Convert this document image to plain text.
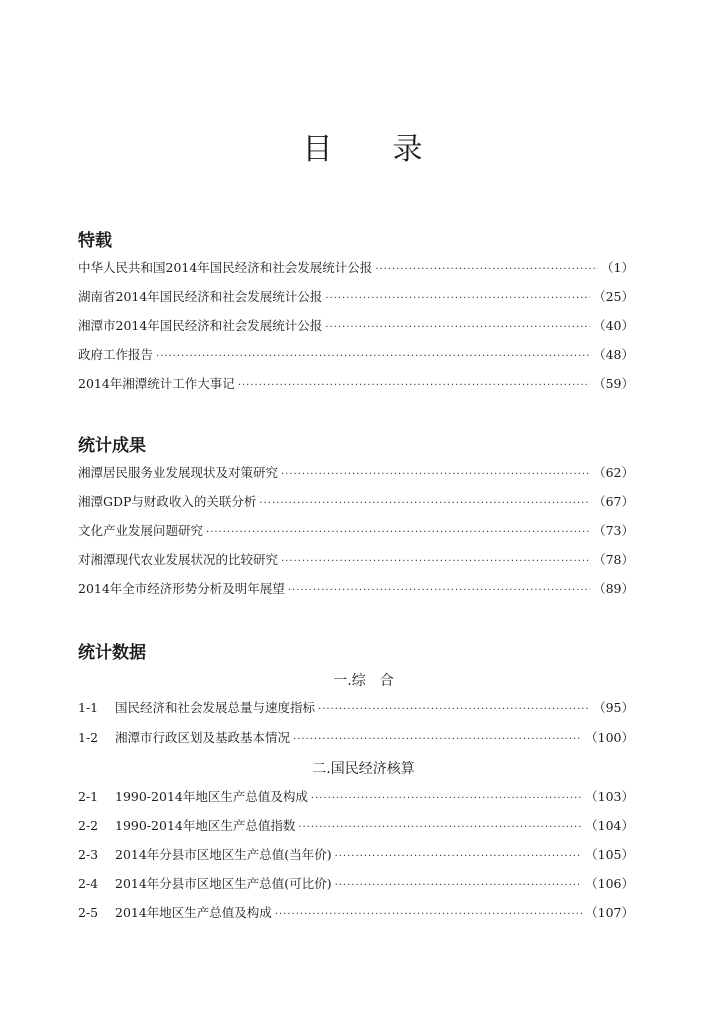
目 录
特载
中华人民共和国2014年国民经济和社会发展统计公报 ·····	（1）
湖南省2014年国民经济和社会发展统计公报 ·····	（25）
湘潭市2014年国民经济和社会发展统计公报 ·····	（40）
政府工作报告 ·····	（48）
2014年湘潭统计工作大事记 ·····	（59）
统计成果
湘潭居民服务业发展现状及对策研究 ·····	（62）
湘潭GDP与财政收入的关联分析 ·····	（67）
文化产业发展问题研究 ·····	（73）
对湘潭现代农业发展状况的比较研究 ·····	（78）
2014年全市经济形势分析及明年展望 ·····	（89）
统计数据
一.综　合
1-1	国民经济和社会发展总量与速度指标 ·····	（95）
1-2	湘潭市行政区划及基政基本情况 ·····	（100）
二.国民经济核算
2-1	1990-2014年地区生产总值及构成 ·····	（103）
2-2	1990-2014年地区生产总值指数 ·····	（104）
2-3	2014年分县市区地区生产总值(当年价) ·····	（105）
2-4	2014年分县市区地区生产总值(可比价) ·····	（106）
2-5	2014年地区生产总值及构成 ·····	（107）
